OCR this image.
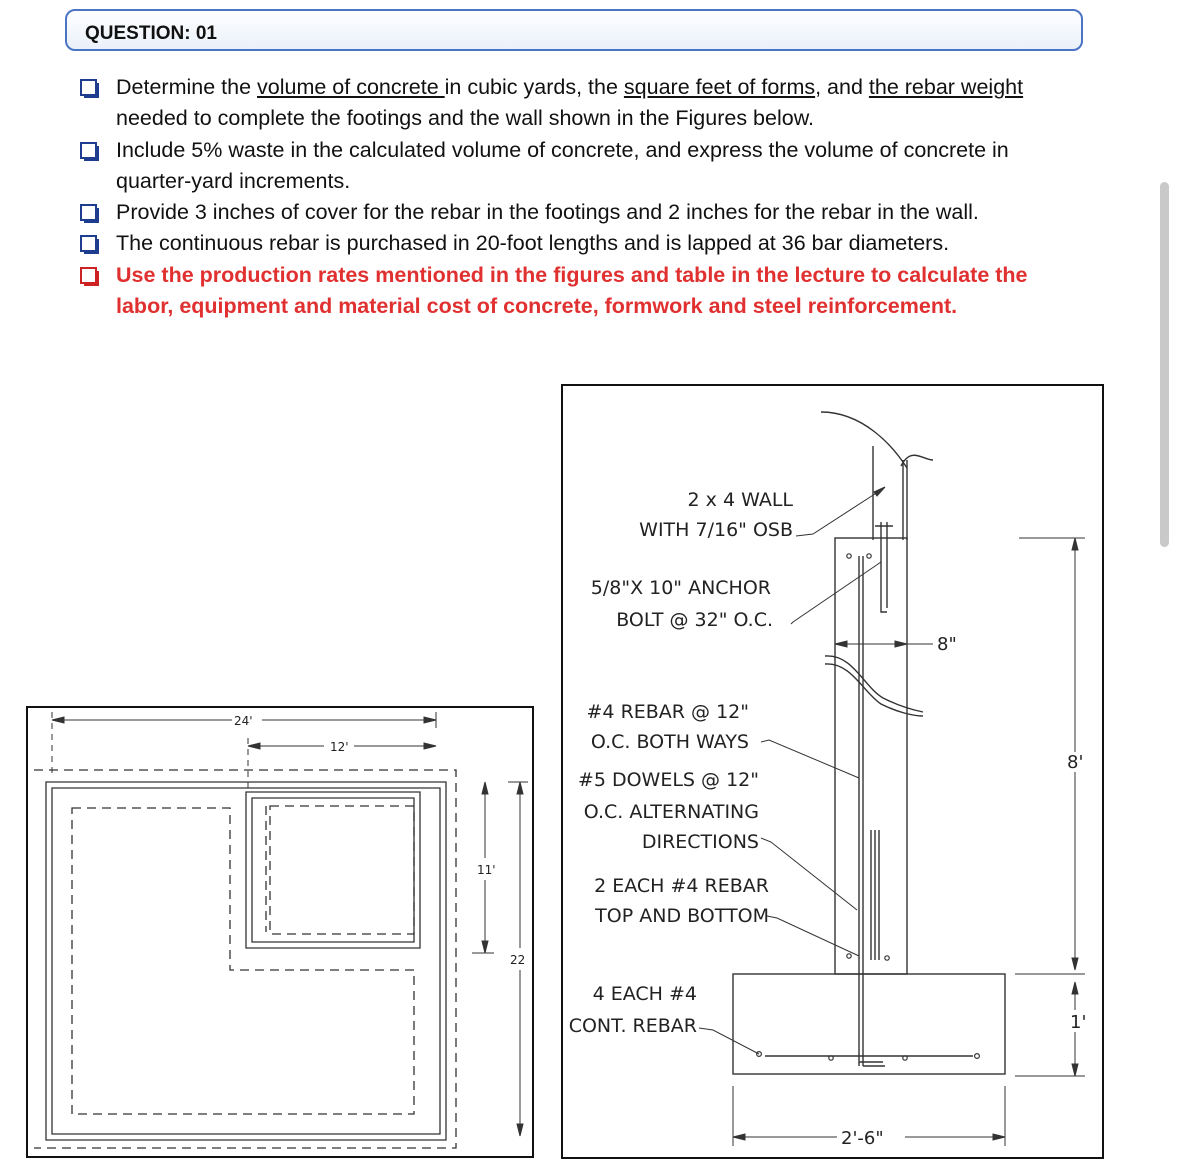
QUESTION: 01
Determine the volume of concrete in cubic yards, the square feet of forms, and the rebar weight needed to complete the footings and the wall shown in the Figures below.
Include 5% waste in the calculated volume of concrete, and express the volume of concrete in quarter-yard increments.
Provide 3 inches of cover for the rebar in the footings and 2 inches for the rebar in the wall.
The continuous rebar is purchased in 20-foot lengths and is lapped at 36 bar diameters.
Use the production rates mentioned in the figures and table in the lecture to calculate the labor, equipment and material cost of concrete, formwork and steel reinforcement.
24'
12'
11'
22
2 x 4 WALL
WITH 7/16" OSB
5/8"X 10" ANCHOR
BOLT @ 32" O.C.
#4 REBAR @ 12"
O.C. BOTH WAYS
#5 DOWELS @ 12"
O.C. ALTERNATING
DIRECTIONS
2 EACH #4 REBAR
TOP AND BOTTOM
4 EACH #4
CONT. REBAR
8"
8'
1'
2'-6"
